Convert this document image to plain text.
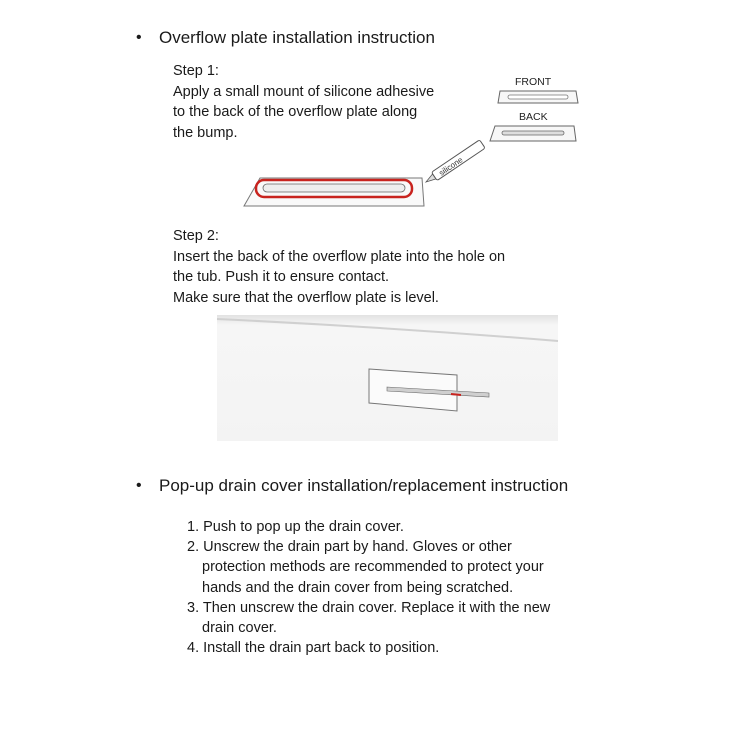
• Overflow plate installation instruction
Step 1:
Apply a small mount of silicone adhesive
to the back of the overflow plate along
the bump.
FRONT
BACK
silicone
Step 2:
Insert the back of the overflow plate into the hole on
the tub. Push it to ensure contact.
Make sure that the overflow plate is level.
• Pop-up drain cover installation/replacement instruction
1. Push to pop up the drain cover.
2. Unscrew the drain part by hand. Gloves or other
protection methods are recommended to protect your
hands and the drain cover from being scratched.
3. Then unscrew the drain cover. Replace it with the new
drain cover.
4. Install the drain part back to position.
